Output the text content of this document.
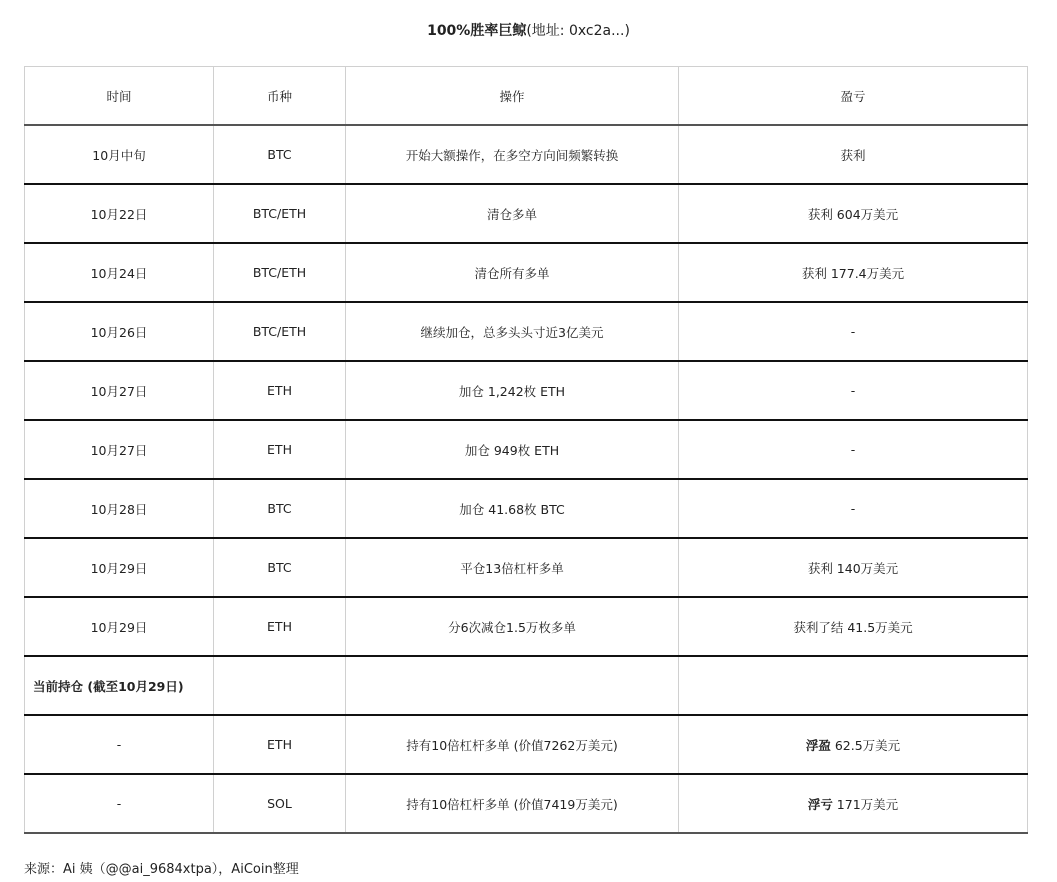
100%胜率巨鲸(地址: 0xc2a...)
时间	币种	操作	盈亏
10月中旬	BTC	开始大额操作，在多空方向间频繁转换	获利
10月22日	BTC/ETH	清仓多单	获利 604万美元
10月24日	BTC/ETH	清仓所有多单	获利 177.4万美元
10月26日	BTC/ETH	继续加仓，总多头头寸近3亿美元	-
10月27日	ETH	加仓 1,242枚 ETH	-
10月27日	ETH	加仓 949枚 ETH	-
10月28日	BTC	加仓 41.68枚 BTC	-
10月29日	BTC	平仓13倍杠杆多单	获利 140万美元
10月29日	ETH	分6次减仓1.5万枚多单	获利了结 41.5万美元
当前持仓 (截至10月29日)			
-	ETH	持有10倍杠杆多单 (价值7262万美元)	浮盈 62.5万美元
-	SOL	持有10倍杠杆多单 (价值7419万美元)	浮亏 171万美元
来源：Ai 姨（@@ai_9684xtpa），AiCoin整理
